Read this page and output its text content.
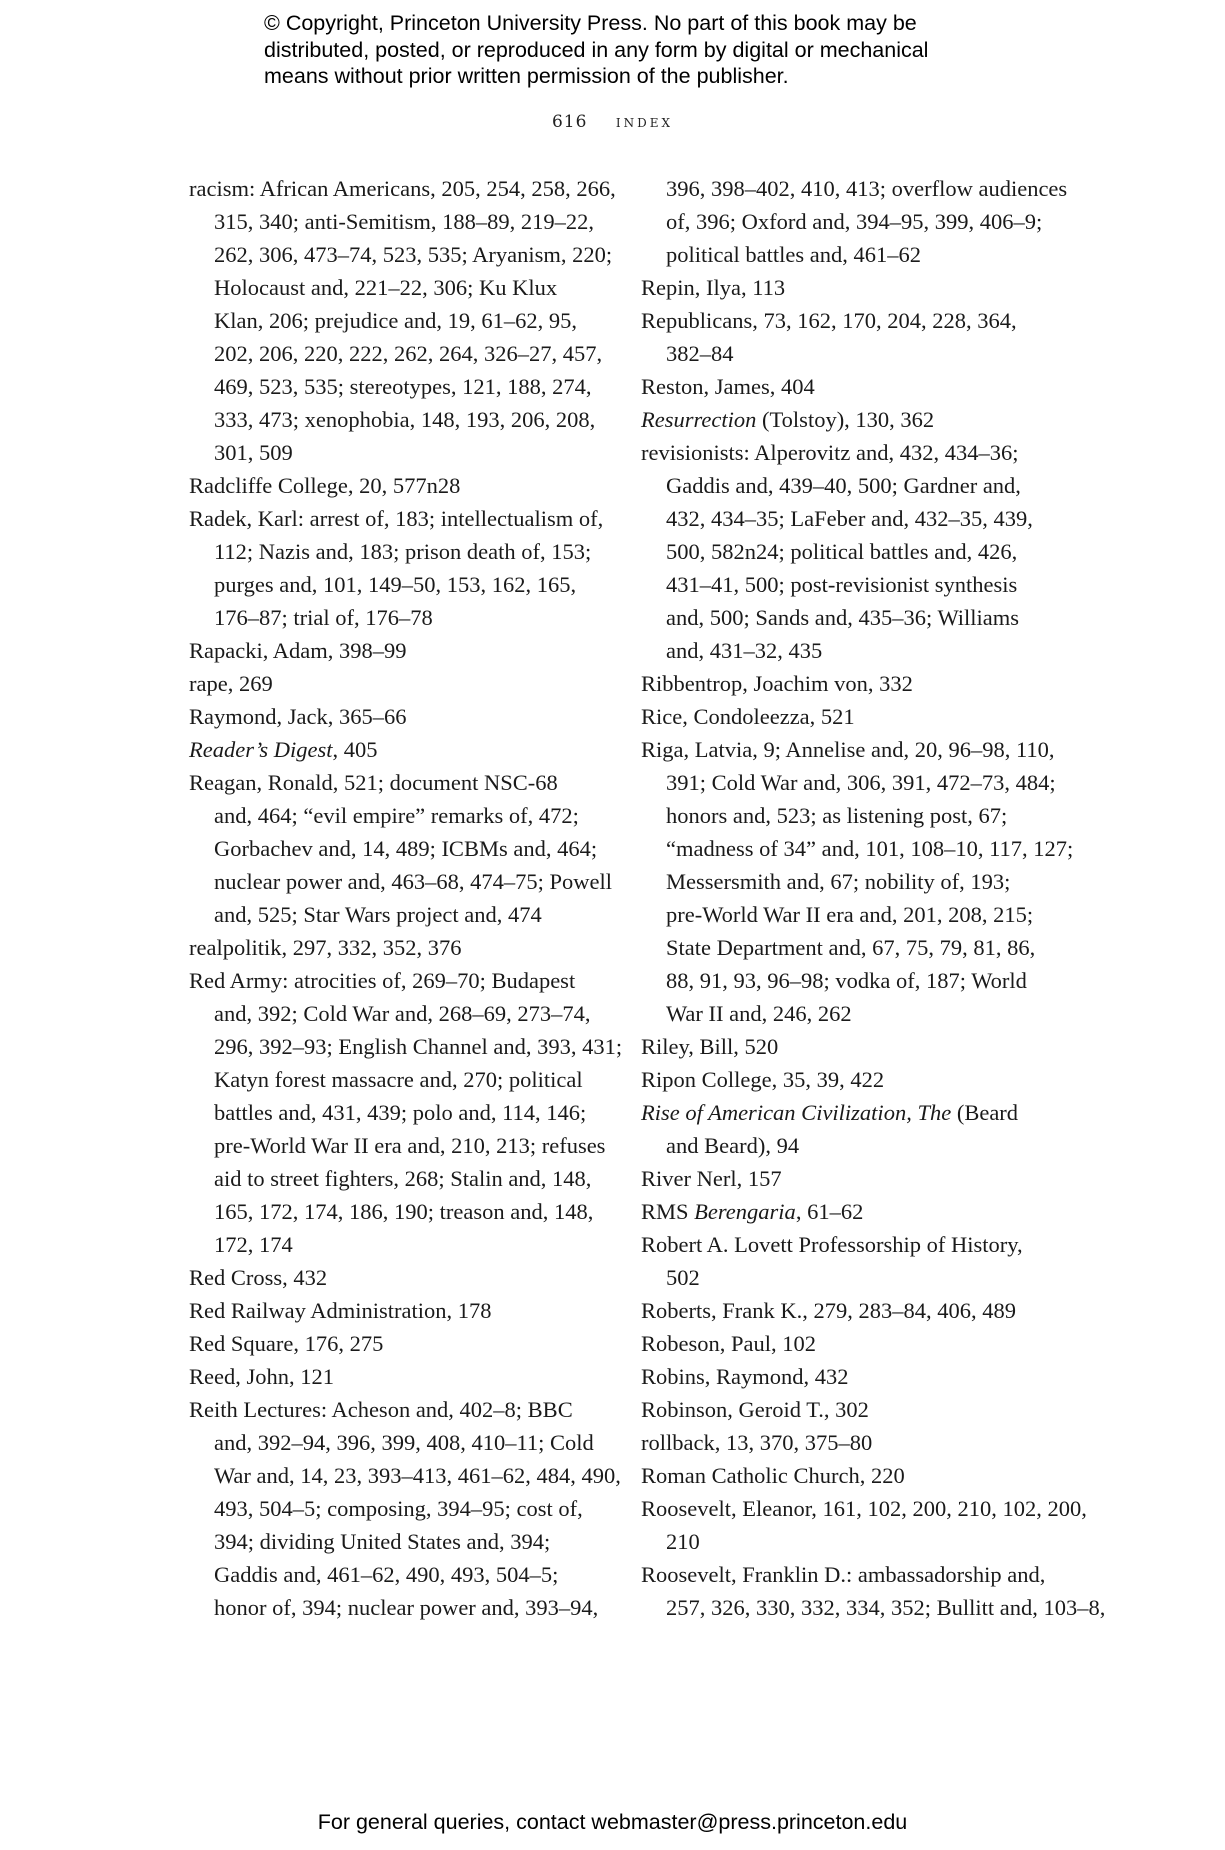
© Copyright, Princeton University Press. No part of this book may be
distributed, posted, or reproduced in any form by digital or mechanical
means without prior written permission of the publisher.
616 index
racism: African Americans, 205, 254, 258, 266,
315, 340; anti-Semitism, 188–89, 219–22,
262, 306, 473–74, 523, 535; Aryanism, 220;
Holocaust and, 221–22, 306; Ku Klux
Klan, 206; prejudice and, 19, 61–62, 95,
202, 206, 220, 222, 262, 264, 326–27, 457,
469, 523, 535; stereotypes, 121, 188, 274,
333, 473; xenophobia, 148, 193, 206, 208,
301, 509
Radcliffe College, 20, 577n28
Radek, Karl: arrest of, 183; intellectualism of,
112; Nazis and, 183; prison death of, 153;
purges and, 101, 149–50, 153, 162, 165,
176–87; trial of, 176–78
Rapacki, Adam, 398–99
rape, 269
Raymond, Jack, 365–66
Reader’s Digest, 405
Reagan, Ronald, 521; document NSC-68
and, 464; “evil empire” remarks of, 472;
Gorbachev and, 14, 489; ICBMs and, 464;
nuclear power and, 463–68, 474–75; Powell
and, 525; Star Wars project and, 474
realpolitik, 297, 332, 352, 376
Red Army: atrocities of, 269–70; Budapest
and, 392; Cold War and, 268–69, 273–74,
296, 392–93; English Channel and, 393, 431;
Katyn forest massacre and, 270; political
battles and, 431, 439; polo and, 114, 146;
pre-World War II era and, 210, 213; refuses
aid to street fighters, 268; Stalin and, 148,
165, 172, 174, 186, 190; treason and, 148,
172, 174
Red Cross, 432
Red Railway Administration, 178
Red Square, 176, 275
Reed, John, 121
Reith Lectures: Acheson and, 402–8; BBC
and, 392–94, 396, 399, 408, 410–11; Cold
War and, 14, 23, 393–413, 461–62, 484, 490,
493, 504–5; composing, 394–95; cost of,
394; dividing United States and, 394;
Gaddis and, 461–62, 490, 493, 504–5;
honor of, 394; nuclear power and, 393–94,
396, 398–402, 410, 413; overflow audiences
of, 396; Oxford and, 394–95, 399, 406–9;
political battles and, 461–62
Repin, Ilya, 113
Republicans, 73, 162, 170, 204, 228, 364,
382–84
Reston, James, 404
Resurrection (Tolstoy), 130, 362
revisionists: Alperovitz and, 432, 434–36;
Gaddis and, 439–40, 500; Gardner and,
432, 434–35; LaFeber and, 432–35, 439,
500, 582n24; political battles and, 426,
431–41, 500; post-revisionist synthesis
and, 500; Sands and, 435–36; Williams
and, 431–32, 435
Ribbentrop, Joachim von, 332
Rice, Condoleezza, 521
Riga, Latvia, 9; Annelise and, 20, 96–98, 110,
391; Cold War and, 306, 391, 472–73, 484;
honors and, 523; as listening post, 67;
“madness of 34” and, 101, 108–10, 117, 127;
Messersmith and, 67; nobility of, 193;
pre-World War II era and, 201, 208, 215;
State Department and, 67, 75, 79, 81, 86,
88, 91, 93, 96–98; vodka of, 187; World
War II and, 246, 262
Riley, Bill, 520
Ripon College, 35, 39, 422
Rise of American Civilization, The (Beard
and Beard), 94
River Nerl, 157
RMS Berengaria, 61–62
Robert A. Lovett Professorship of History,
502
Roberts, Frank K., 279, 283–84, 406, 489
Robeson, Paul, 102
Robins, Raymond, 432
Robinson, Geroid T., 302
rollback, 13, 370, 375–80
Roman Catholic Church, 220
Roosevelt, Eleanor, 161, 102, 200, 210, 102, 200,
210
Roosevelt, Franklin D.: ambassadorship and,
257, 326, 330, 332, 334, 352; Bullitt and, 103–8,
For general queries, contact webmaster@press.princeton.edu
